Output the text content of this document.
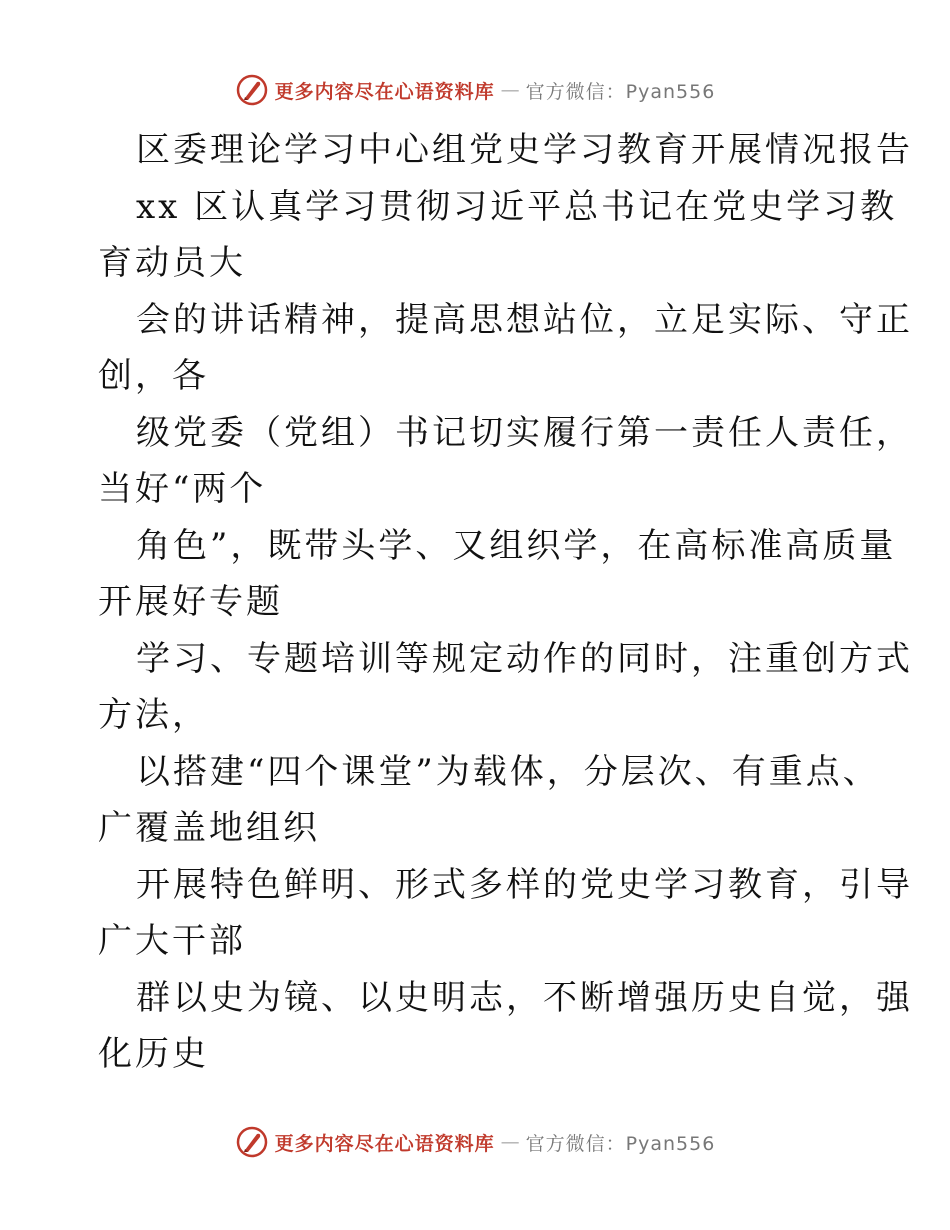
更多内容尽在心语资料库 — 官方微信：Pyan556
区委理论学习中心组党史学习教育开展情况报告
xx 区认真学习贯彻习近平总书记在党史学习教
育动员大
会的讲话精神，提高思想站位，立足实际、守正
创，各
级党委（党组）书记切实履行第一责任人责任，
当好“两个
角色”，既带头学、又组织学，在高标准高质量
开展好专题
学习、专题培训等规定动作的同时，注重创方式
方法，
以搭建“四个课堂”为载体，分层次、有重点、
广覆盖地组织
开展特色鲜明、形式多样的党史学习教育，引导
广大干部
群以史为镜、以史明志，不断增强历史自觉，强
化历史
更多内容尽在心语资料库 — 官方微信：Pyan556
